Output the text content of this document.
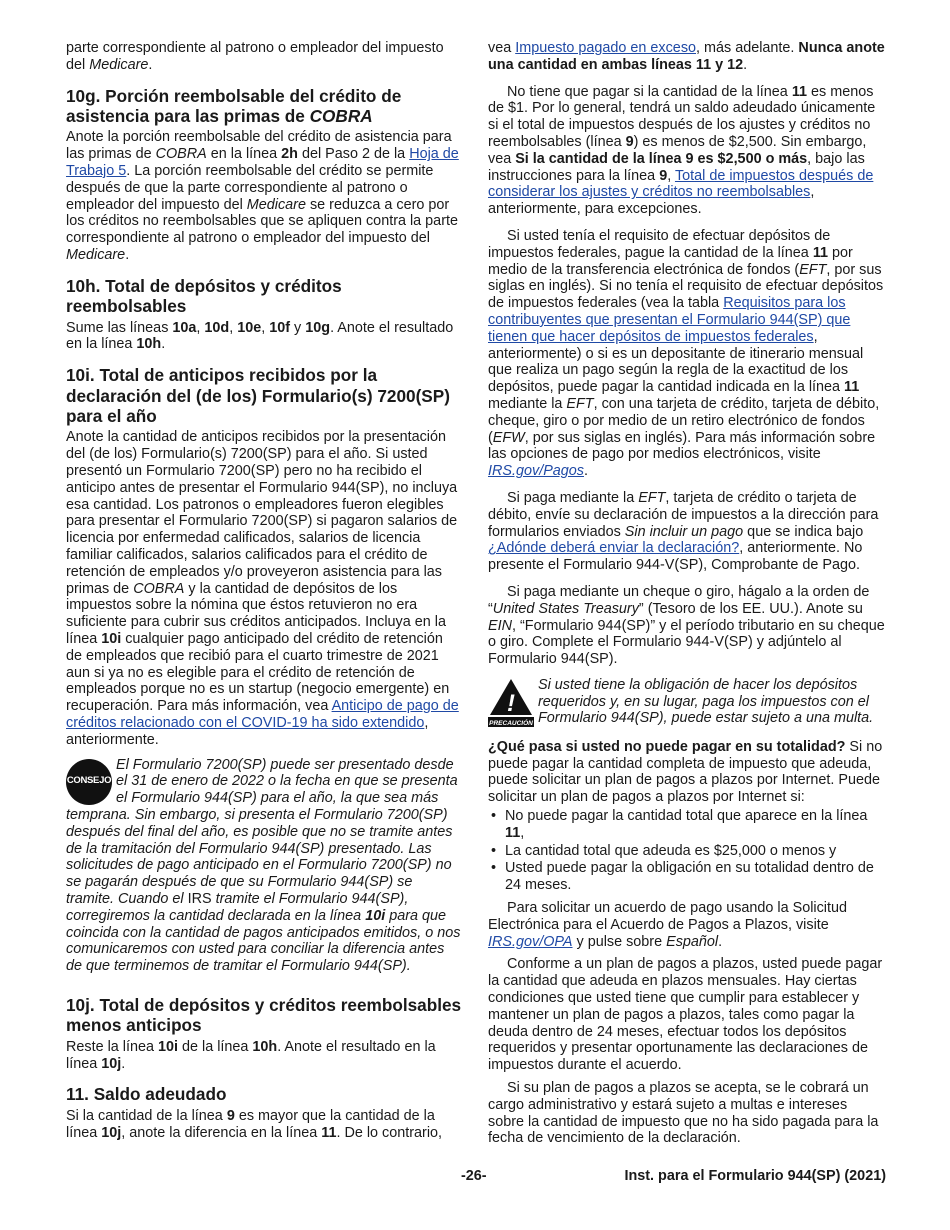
parte correspondiente al patrono o empleador del impuesto del Medicare.

10g. Porción reembolsable del crédito de asistencia para las primas de COBRA

Anote la porción reembolsable del crédito de asistencia para las primas de COBRA en la línea 2h del Paso 2 de la Hoja de Trabajo 5. La porción reembolsable del crédito se permite después de que la parte correspondiente al patrono o empleador del impuesto del Medicare se reduzca a cero por los créditos no reembolsables que se apliquen contra la parte correspondiente al patrono o empleador del impuesto del Medicare.

10h. Total de depósitos y créditos reembolsables

Sume las líneas 10a, 10d, 10e, 10f y 10g. Anote el resultado en la línea 10h.

10i. Total de anticipos recibidos por la declaración del (de los) Formulario(s) 7200(SP) para el año

Anote la cantidad de anticipos recibidos por la presentación del (de los) Formulario(s) 7200(SP) para el año. Si usted presentó un Formulario 7200(SP) pero no ha recibido el anticipo antes de presentar el Formulario 944(SP), no incluya esa cantidad. Los patronos o empleadores fueron elegibles para presentar el Formulario 7200(SP) si pagaron salarios de licencia por enfermedad calificados, salarios de licencia familiar calificados, salarios calificados para el crédito de retención de empleados y/o proveyeron asistencia para las primas de COBRA y la cantidad de depósitos de los impuestos sobre la nómina que éstos retuvieron no era suficiente para cubrir sus créditos anticipados. Incluya en la línea 10i cualquier pago anticipado del crédito de retención de empleados que recibió para el cuarto trimestre de 2021 aun si ya no es elegible para el crédito de retención de empleados porque no es un startup (negocio emergente) en recuperación. Para más información, vea Anticipo de pago de créditos relacionado con el COVID-19 ha sido extendido, anteriormente.

CONSEJO
El Formulario 7200(SP) puede ser presentado desde el 31 de enero de 2022 o la fecha en que se presenta el Formulario 944(SP) para el año, la que sea más temprana. Sin embargo, si presenta el Formulario 7200(SP) después del final del año, es posible que no se tramite antes de la tramitación del Formulario 944(SP) presentado. Las solicitudes de pago anticipado en el Formulario 7200(SP) no se pagarán después de que su Formulario 944(SP) se tramite. Cuando el IRS tramite el Formulario 944(SP), corregiremos la cantidad declarada en la línea 10i para que coincida con la cantidad de pagos anticipados emitidos, o nos comunicaremos con usted para conciliar la diferencia antes de que terminemos de tramitar el Formulario 944(SP).
10j. Total de depósitos y créditos reembolsables menos anticipos

Reste la línea 10i de la línea 10h. Anote el resultado en la línea 10j.

11. Saldo adeudado

Si la cantidad de la línea 9 es mayor que la cantidad de la línea 10j, anote la diferencia en la línea 11. De lo contrario,

vea Impuesto pagado en exceso, más adelante. Nunca anote una cantidad en ambas líneas 11 y 12.

No tiene que pagar si la cantidad de la línea 11 es menos de $1. Por lo general, tendrá un saldo adeudado únicamente si el total de impuestos después de los ajustes y créditos no reembolsables (línea 9) es menos de $2,500. Sin embargo, vea Si la cantidad de la línea 9 es $2,500 o más, bajo las instrucciones para la línea 9, Total de impuestos después de considerar los ajustes y créditos no reembolsables, anteriormente, para excepciones.

Si usted tenía el requisito de efectuar depósitos de impuestos federales, pague la cantidad de la línea 11 por medio de la transferencia electrónica de fondos (EFT, por sus siglas en inglés). Si no tenía el requisito de efectuar depósitos de impuestos federales (vea la tabla Requisitos para los contribuyentes que presentan el Formulario 944(SP) que tienen que hacer depósitos de impuestos federales, anteriormente) o si es un depositante de itinerario mensual que realiza un pago según la regla de la exactitud de los depósitos, puede pagar la cantidad indicada en la línea 11 mediante la EFT, con una tarjeta de crédito, tarjeta de débito, cheque, giro o por medio de un retiro electrónico de fondos (EFW, por sus siglas en inglés). Para más información sobre las opciones de pago por medios electrónicos, visite IRS.gov/Pagos.

Si paga mediante la EFT, tarjeta de crédito o tarjeta de débito, envíe su declaración de impuestos a la dirección para formularios enviados Sin incluir un pago que se indica bajo ¿Adónde deberá enviar la declaración?, anteriormente. No presente el Formulario 944-V(SP), Comprobante de Pago.

Si paga mediante un cheque o giro, hágalo a la orden de “United States Treasury” (Tesoro de los EE. UU.). Anote su EIN, “Formulario 944(SP)” y el período tributario en su cheque o giro. Complete el Formulario 944-V(SP) y adjúntelo al Formulario 944(SP).

!
PRECAUCIÓN
Si usted tiene la obligación de hacer los depósitos requeridos y, en su lugar, paga los impuestos con el Formulario 944(SP), puede estar sujeto a una multa.

¿Qué pasa si usted no puede pagar en su totalidad? Si no puede pagar la cantidad completa de impuesto que adeuda, puede solicitar un plan de pagos a plazos por Internet. Puede solicitar un plan de pagos a plazos por Internet si:

• No puede pagar la cantidad total que aparece en la línea 11,
• La cantidad total que adeuda es $25,000 o menos y
• Usted puede pagar la obligación en su totalidad dentro de 24 meses.

Para solicitar un acuerdo de pago usando la Solicitud Electrónica para el Acuerdo de Pagos a Plazos, visite IRS.gov/OPA y pulse sobre Español.

Conforme a un plan de pagos a plazos, usted puede pagar la cantidad que adeuda en plazos mensuales. Hay ciertas condiciones que usted tiene que cumplir para establecer y mantener un plan de pagos a plazos, tales como pagar la deuda dentro de 24 meses, efectuar todos los depósitos requeridos y presentar oportunamente las declaraciones de impuestos durante el acuerdo.

Si su plan de pagos a plazos se acepta, se le cobrará un cargo administrativo y estará sujeto a multas e intereses sobre la cantidad de impuesto que no ha sido pagada para la fecha de vencimiento de la declaración.

-26-	Inst. para el Formulario 944(SP) (2021)
